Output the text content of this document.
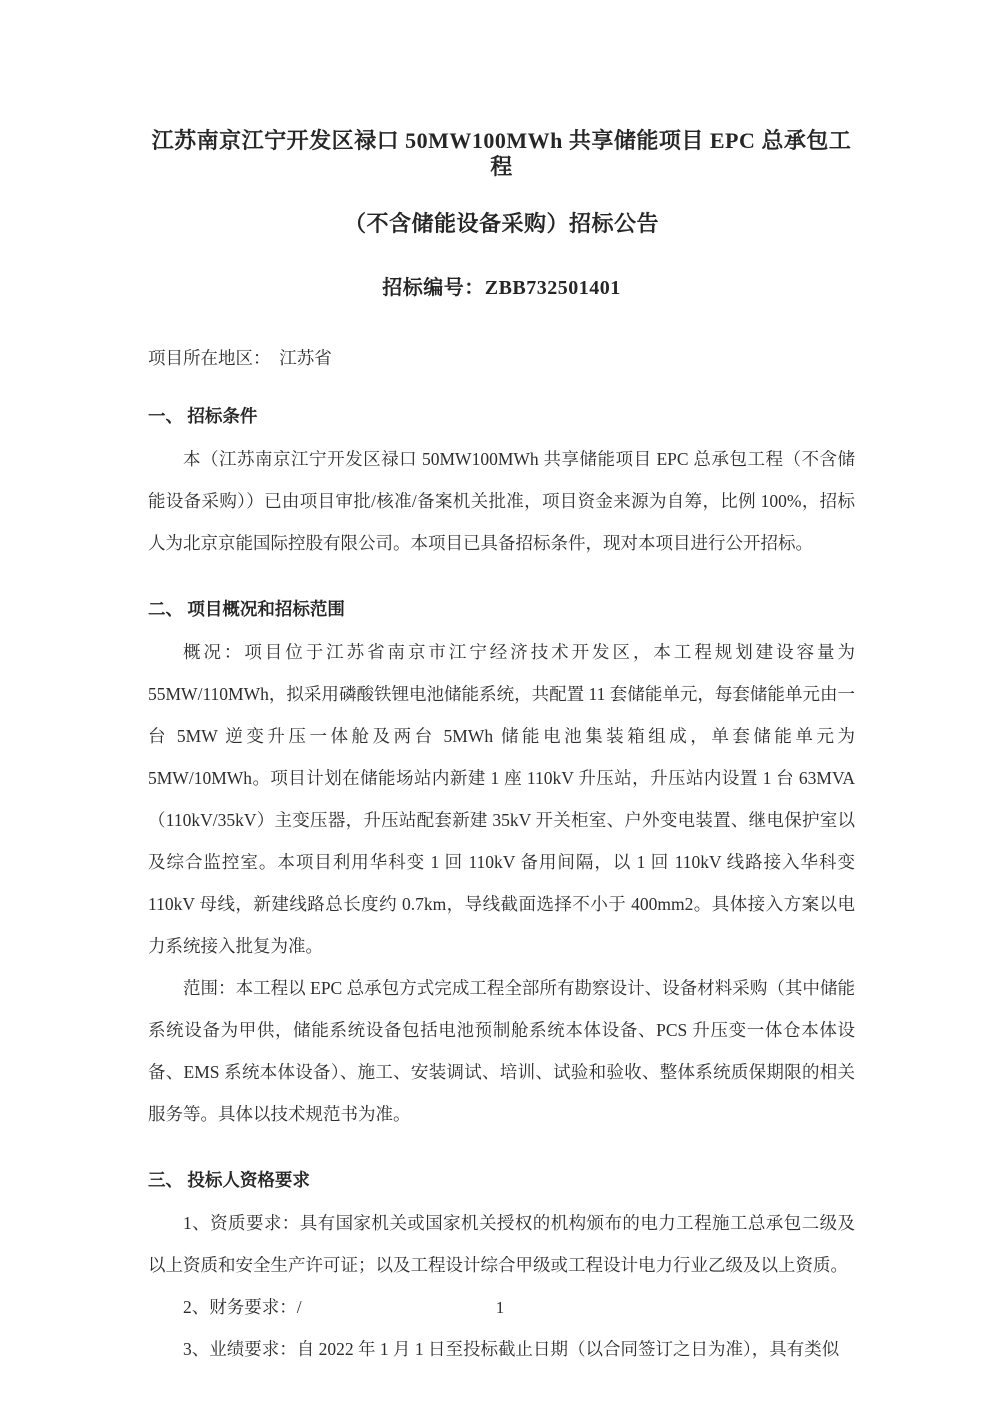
江苏南京江宁开发区禄口 50MW100MWh 共享储能项目 EPC 总承包工程
（不含储能设备采购）招标公告
招标编号：ZBB732501401
项目所在地区：　江苏省
一、 招标条件

本（江苏南京江宁开发区禄口 50MW100MWh 共享储能项目 EPC 总承包工程（不含储能设备采购））已由项目审批/核准/备案机关批准，项目资金来源为自筹，比例 100%，招标人为北京京能国际控股有限公司。本项目已具备招标条件，现对本项目进行公开招标。

二、 项目概况和招标范围

概况：项目位于江苏省南京市江宁经济技术开发区，本工程规划建设容量为 55MW/110MWh，拟采用磷酸铁锂电池储能系统，共配置 11 套储能单元，每套储能单元由一台 5MW 逆变升压一体舱及两台 5MWh 储能电池集装箱组成，单套储能单元为 5MW/10MWh。项目计划在储能场站内新建 1 座 110kV 升压站，升压站内设置 1 台 63MVA（110kV/35kV）主变压器，升压站配套新建 35kV 开关柜室、户外变电装置、继电保护室以及综合监控室。本项目利用华科变 1 回 110kV 备用间隔，以 1 回 110kV 线路接入华科变 110kV 母线，新建线路总长度约 0.7km，导线截面选择不小于 400mm2。具体接入方案以电力系统接入批复为准。

范围：本工程以 EPC 总承包方式完成工程全部所有勘察设计、设备材料采购（其中储能系统设备为甲供，储能系统设备包括电池预制舱系统本体设备、PCS 升压变一体仓本体设备、EMS 系统本体设备）、施工、安装调试、培训、试验和验收、整体系统质保期限的相关服务等。具体以技术规范书为准。

三、 投标人资格要求

1、资质要求：具有国家机关或国家机关授权的机构颁布的电力工程施工总承包二级及以上资质和安全生产许可证；以及工程设计综合甲级或工程设计电力行业乙级及以上资质。

2、财务要求：/

3、业绩要求：自 2022 年 1 月 1 日至投标截止日期（以合同签订之日为准），具有类似

1
